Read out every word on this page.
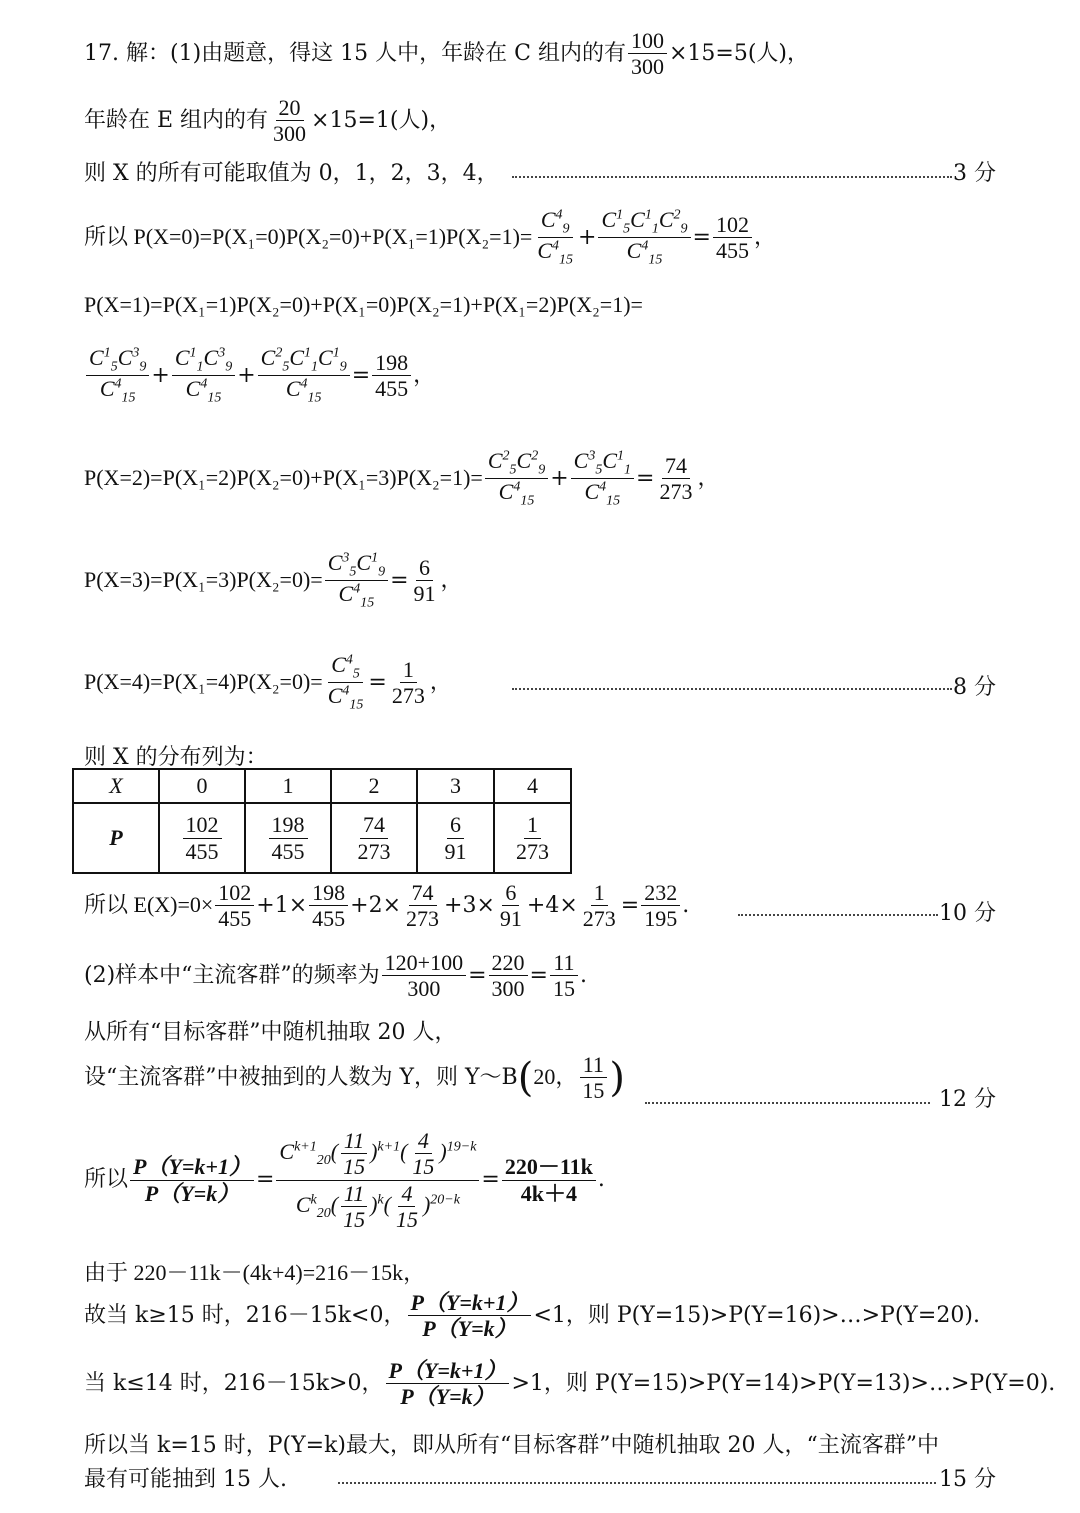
17. 解：(1)由题意，得这 15 人中，年龄在 C 组内的有 $\frac{100}{300} \times 15=5$(人)，
年龄在 E 组内的有 $\frac{20}{300} \times 15=1$(人)，
则 X 的所有可能取值为 0，1，2，3，4，	3 分
所以 $P(X=0)=P(X_1=0)P(X_2=0)+P(X_1=1)P(X_2=1)= \frac{C^4_9}{C^4_{15}} + \frac{C^1_5C^1_1C^2_9}{C^4_{15}} = \frac{102}{455}$ ，
P(X=1)=P(X₁=1)P(X₂=0)+P(X₁=0)P(X₂=1)+P(X₁=2)P(X₂=1)=
$\frac{C^1_5C^3_9}{C^4_{15}} + \frac{C^1_1C^3_9}{C^4_{15}} + \frac{C^2_5C^1_1C^1_9}{C^4_{15}} = \frac{198}{455}$ ，
$P(X=2)=P(X_1=2)P(X_2=0)+P(X_1=3)P(X_2=1)= \frac{C^2_5C^2_9}{C^4_{15}} + \frac{C^3_5C^1_1}{C^4_{15}} = \frac{74}{273}$ ，
$P(X=3)=P(X_1=3)P(X_2=0)= \frac{C^3_5C^1_9}{C^4_{15}} = \frac{6}{91}$ ，
$P(X=4)=P(X_1=4)P(X_2=0)= \frac{C^4_5}{C^4_{15}} = \frac{1}{273}$ ，	8 分
则 X 的分布列为：
X	0	1	2	3	4
P	$\frac{102}{455}$	$\frac{198}{455}$	$\frac{74}{273}$	$\frac{6}{91}$	$\frac{1}{273}$
所以 $E(X)=0\times \frac{102}{455} +1\times \frac{198}{455} +2\times \frac{74}{273} +3\times \frac{6}{91} +4\times \frac{1}{273} = \frac{232}{195}$ .	10 分
(2)样本中“主流客群”的频率为 $\frac{120+100}{300} = \frac{220}{300} = \frac{11}{15}$ .
从所有“目标客群”中随机抽取 20 人，
设“主流客群”中被抽到的人数为 Y，则 Y～B(20， $\frac{11}{15}$ )	12 分
所以 $\frac{P(Y=k+1)}{P(Y=k)} = \frac{C^{k+1}_{20}( \frac{11}{15} )^{k+1}( \frac{4}{15} )^{19-k}}{C^k_{20}( \frac{11}{15} )^k( \frac{4}{15} )^{20-k}} = \frac{220-11k}{4k+4}$ .
由于 220－11k－(4k+4)=216－15k，
故当 k≥15 时，216－15k<0， $\frac{P(Y=k+1)}{P(Y=k)} <1$，则 P(Y=15)>P(Y=16)>…>P(Y=20).
当 k≤14 时，216－15k>0， $\frac{P(Y=k+1)}{P(Y=k)} >1$，则 P(Y=15)>P(Y=14)>P(Y=13)>…>P(Y=0).
所以当 k=15 时，P(Y=k)最大，即从所有“目标客群”中随机抽取 20 人，“主流客群”中
最有可能抽到 15 人.	15 分
